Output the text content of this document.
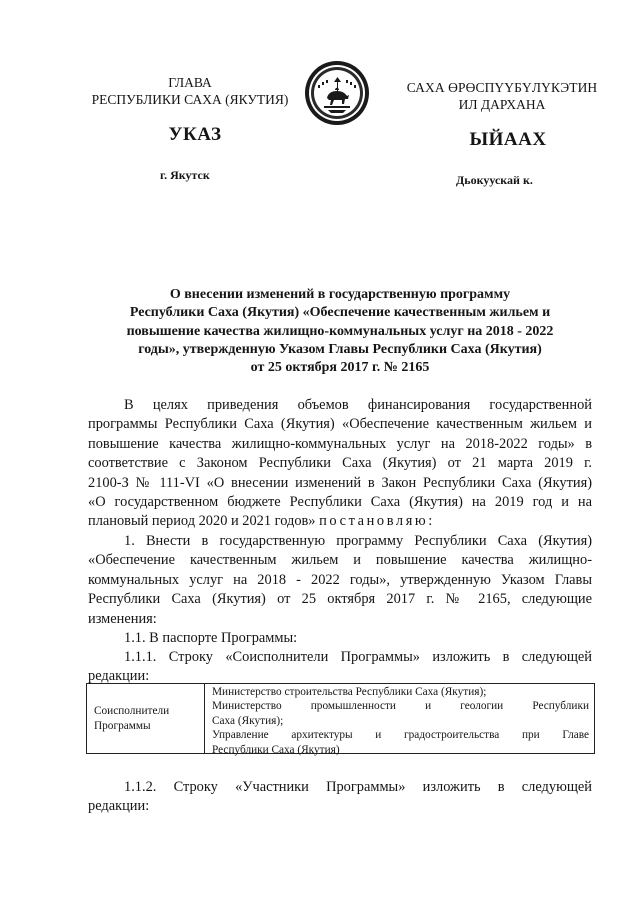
ГЛАВА
РЕСПУБЛИКИ САХА (ЯКУТИЯ)
УКАЗ
г. Якутск
САХА ӨРӨСПҮҮБҮЛҮКЭТИН
ИЛ ДАРХАНА
ЫЙААХ
Дьокуускай к.
О внесении изменений в государственную программу
Республики Саха (Якутия) «Обеспечение качественным жильем и
повышение качества жилищно-коммунальных услуг на 2018 - 2022
годы», утвержденную Указом Главы Республики Саха (Якутия)
от 25 октября 2017 г. № 2165

В целях приведения объемов финансирования государственной

программы Республики Саха (Якутия) «Обеспечение качественным жильем и

повышение качества жилищно-коммунальных услуг на 2018-2022 годы» в

соответствие с Законом Республики Саха (Якутия) от 21 марта 2019 г.

2100-З № 111-VI «О внесении изменений в Закон Республики Саха (Якутия)

«О государственном бюджете Республики Саха (Якутия) на 2019 год и на

плановый период 2020 и 2021 годов» постановляю:

1. Внести в государственную программу Республики Саха (Якутия)

«Обеспечение качественным жильем и повышение качества жилищно-

коммунальных услуг на 2018 - 2022 годы», утвержденную Указом Главы

Республики Саха (Якутия) от 25 октября 2017 г. № 2165, следующие

изменения:

1.1. В паспорте Программы:

1.1.1. Строку «Соисполнители Программы» изложить в следующей

редакции:

Соисполнители Программы
Министерство строительства Республики Саха (Якутия);
Министерство промышленности и геологии Республики
Саха (Якутия);
Управление архитектуры и градостроительства при Главе
Республики Саха (Якутия)

1.1.2. Строку «Участники Программы» изложить в следующей

редакции:
